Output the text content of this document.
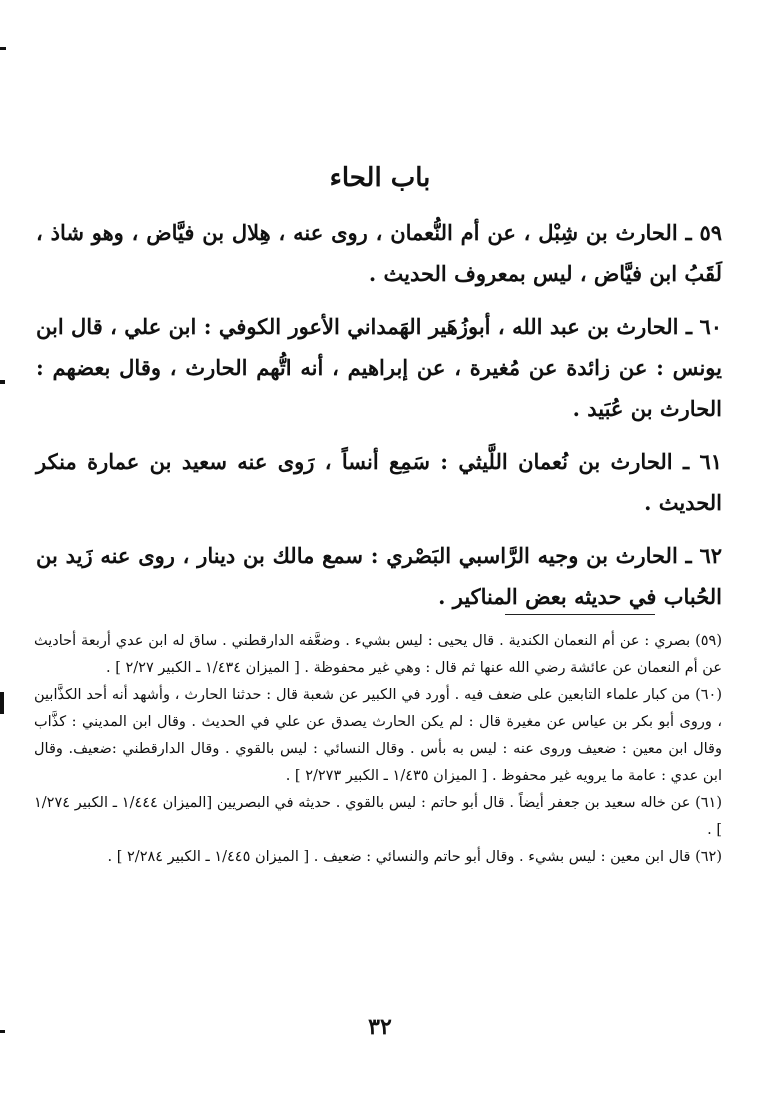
باب الحاء

٥٩ ـ الحارث بن شِبْل ، عن أم النُّعمان ، روى عنه ، هِلال بن فيَّاض ، وهو شاذ ، لَقَبُ ابن فيَّاض ، ليس بمعروف الحديث .

٦٠ ـ الحارث بن عبد الله ، أبوزُهَير الهَمداني الأعور الكوفي : ابن علي ، قال ابن يونس : عن زائدة عن مُغيرة ، عن إبراهيم ، أنه اتُّهم الحارث ، وقال بعضهم : الحارث بن عُبَيد .

٦١ ـ الحارث بن نُعمان اللَّيثي : سَمِع أنساً ، رَوى عنه سعيد بن عمارة منكر الحديث .

٦٢ ـ الحارث بن وجيه الرَّاسبي البَصْري : سمع مالك بن دينار ، روى عنه زَيد بن الحُباب في حديثه بعض المناكير .

(٥٩) بصري : عن أم النعمان الكندية . قال يحيى : ليس بشيء . وضعَّفه الدارقطني . ساق له ابن عدي أربعة أحاديث عن أم النعمان عن عائشة رضي الله عنها ثم قال : وهي غير محفوظة . [ الميزان ١/٤٣٤ ـ الكبير ٢/٢٧ ] .

(٦٠) من كبار علماء التابعين على ضعف فيه . أورد في الكبير عن شعبة قال : حدثنا الحارث ، وأشهد أنه أحد الكذَّابين ، وروى أبو بكر بن عياس عن مغيرة قال : لم يكن الحارث يصدق عن علي في الحديث . وقال ابن المديني : كذَّاب وقال ابن معين : ضعيف وروى عنه : ليس به بأس . وقال النسائي : ليس بالقوي . وقال الدارقطني :ضعيف. وقال ابن عدي : عامة ما يرويه غير محفوظ . [ الميزان ١/٤٣٥ ـ الكبير ٢/٢٧٣ ] .

(٦١) عن خاله سعيد بن جعفر أيضاً . قال أبو حاتم : ليس بالقوي . حديثه في البصريين [الميزان ١/٤٤٤ ـ الكبير ١/٢٧٤ ] .

(٦٢) قال ابن معين : ليس بشيء . وقال أبو حاتم والنسائي : ضعيف . [ الميزان ١/٤٤٥ ـ الكبير ٢/٢٨٤ ] .

٣٢
